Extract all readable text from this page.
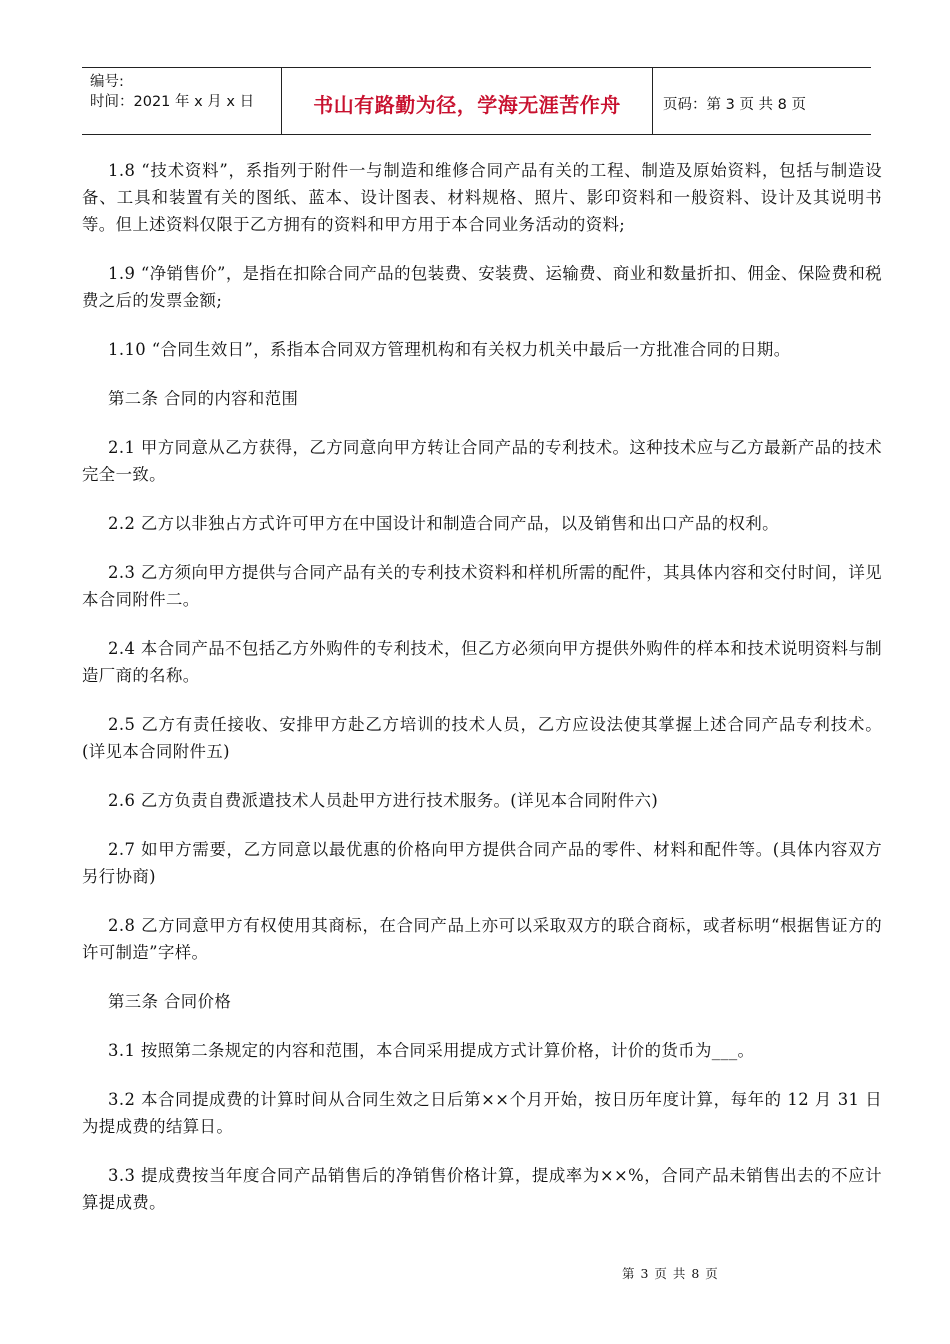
编号:
时间：2021 年 x 月 x 日	书山有路勤为径，学海无涯苦作舟	页码：第 3 页 共 8 页

1.8 “技术资料”，系指列于附件一与制造和维修合同产品有关的工程、制造及原始资料，包括与制造设备、工具和装置有关的图纸、蓝本、设计图表、材料规格、照片、影印资料和一般资料、设计及其说明书等。但上述资料仅限于乙方拥有的资料和甲方用于本合同业务活动的资料;

1.9 “净销售价”，是指在扣除合同产品的包装费、安装费、运输费、商业和数量折扣、佣金、保险费和税费之后的发票金额;

1.10 “合同生效日”，系指本合同双方管理机构和有关权力机关中最后一方批准合同的日期。

第二条 合同的内容和范围

2.1 甲方同意从乙方获得，乙方同意向甲方转让合同产品的专利技术。这种技术应与乙方最新产品的技术完全一致。

2.2 乙方以非独占方式许可甲方在中国设计和制造合同产品，以及销售和出口产品的权利。

2.3 乙方须向甲方提供与合同产品有关的专利技术资料和样机所需的配件，其具体内容和交付时间，详见本合同附件二。

2.4 本合同产品不包括乙方外购件的专利技术，但乙方必须向甲方提供外购件的样本和技术说明资料与制造厂商的名称。

2.5 乙方有责任接收、安排甲方赴乙方培训的技术人员，乙方应设法使其掌握上述合同产品专利技术。(详见本合同附件五)

2.6 乙方负责自费派遣技术人员赴甲方进行技术服务。(详见本合同附件六)

2.7 如甲方需要，乙方同意以最优惠的价格向甲方提供合同产品的零件、材料和配件等。(具体内容双方另行协商)

2.8 乙方同意甲方有权使用其商标，在合同产品上亦可以采取双方的联合商标，或者标明“根据售证方的许可制造”字样。

第三条 合同价格

3.1 按照第二条规定的内容和范围，本合同采用提成方式计算价格，计价的货币为___。

3.2 本合同提成费的计算时间从合同生效之日后第××个月开始，按日历年度计算，每年的 12 月 31 日为提成费的结算日。

3.3 提成费按当年度合同产品销售后的净销售价格计算，提成率为××%，合同产品未销售出去的不应计算提成费。

第 3 页 共 8 页
